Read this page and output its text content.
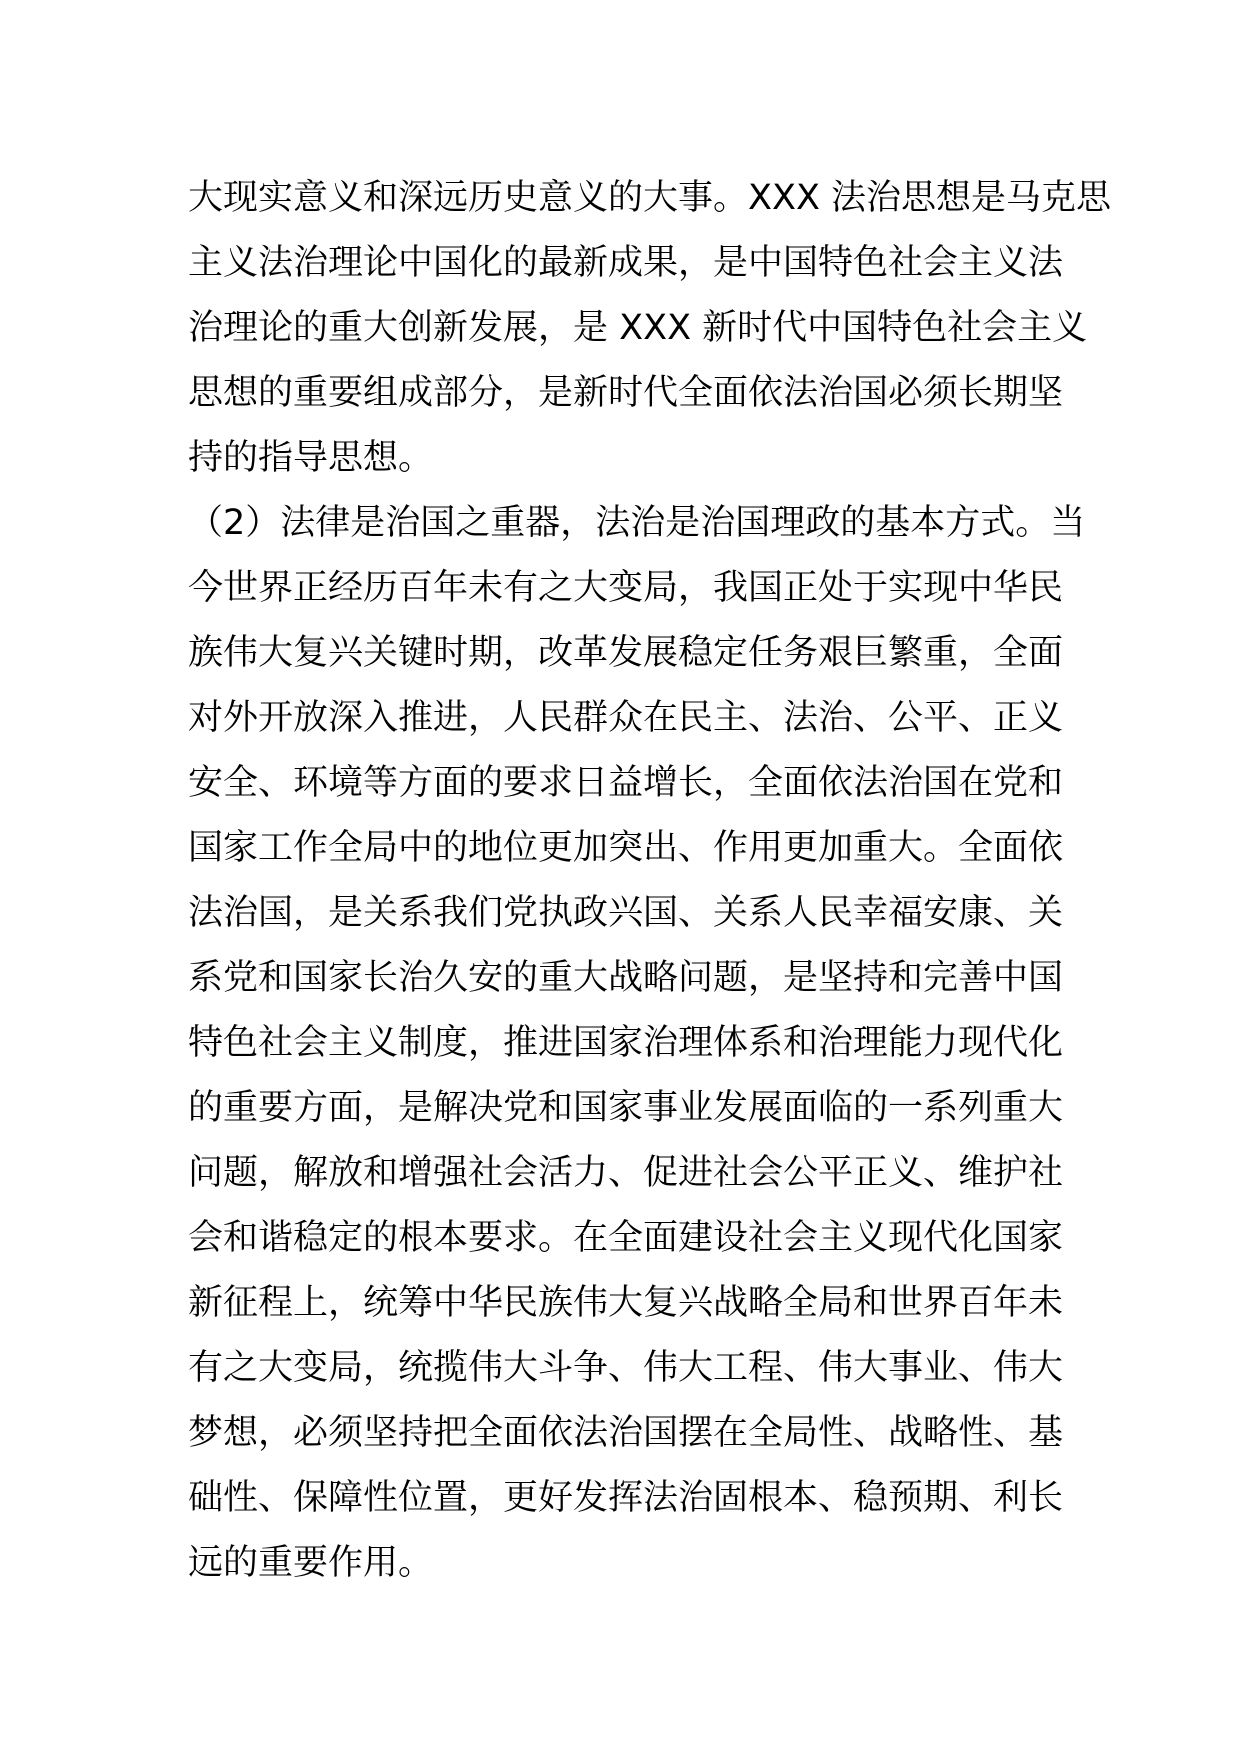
大现实意义和深远历史意义的大事。XXX 法治思想是马克思
主义法治理论中国化的最新成果，是中国特色社会主义法
治理论的重大创新发展，是 XXX 新时代中国特色社会主义
思想的重要组成部分，是新时代全面依法治国必须长期坚
持的指导思想。
（2）法律是治国之重器，法治是治国理政的基本方式。当
今世界正经历百年未有之大变局，我国正处于实现中华民
族伟大复兴关键时期，改革发展稳定任务艰巨繁重，全面
对外开放深入推进，人民群众在民主、法治、公平、正义
安全、环境等方面的要求日益增长，全面依法治国在党和
国家工作全局中的地位更加突出、作用更加重大。全面依
法治国，是关系我们党执政兴国、关系人民幸福安康、关
系党和国家长治久安的重大战略问题，是坚持和完善中国
特色社会主义制度，推进国家治理体系和治理能力现代化
的重要方面，是解决党和国家事业发展面临的一系列重大
问题，解放和增强社会活力、促进社会公平正义、维护社
会和谐稳定的根本要求。在全面建设社会主义现代化国家
新征程上，统筹中华民族伟大复兴战略全局和世界百年未
有之大变局，统揽伟大斗争、伟大工程、伟大事业、伟大
梦想，必须坚持把全面依法治国摆在全局性、战略性、基
础性、保障性位置，更好发挥法治固根本、稳预期、利长
远的重要作用。
